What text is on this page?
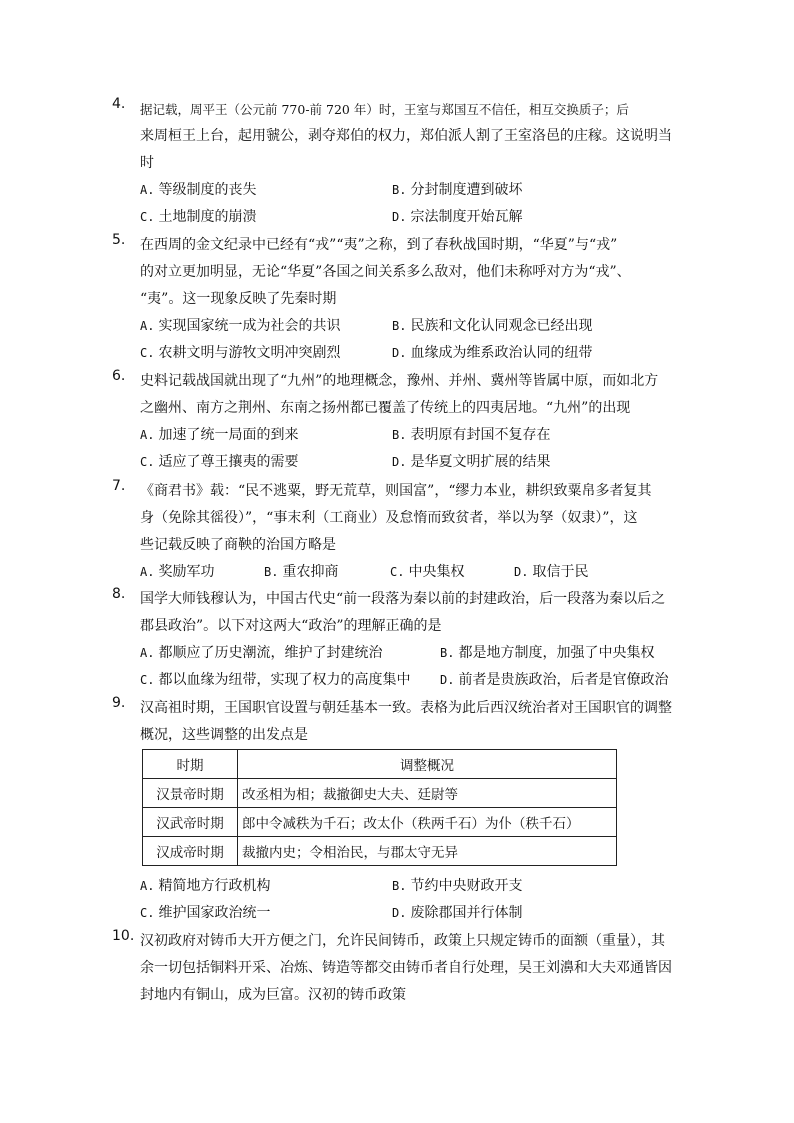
4.	据记载，周平王（公元前 770-前 720 年）时，王室与郑国互不信任，相互交换质子；后
来周桓王上台，起用虢公，剥夺郑伯的权力，郑伯派人割了王室洛邑的庄稼。这说明当
时
A. 等级制度的丧失	B. 分封制度遭到破坏
C. 土地制度的崩溃	D. 宗法制度开始瓦解
5.	在西周的金文纪录中已经有“戎”“夷”之称，到了春秋战国时期，“华夏”与“戎”
的对立更加明显，无论“华夏”各国之间关系多么敌对，他们未称呼对方为“戎”、
“夷”。这一现象反映了先秦时期
A. 实现国家统一成为社会的共识	B. 民族和文化认同观念已经出现
C. 农耕文明与游牧文明冲突剧烈	D. 血缘成为维系政治认同的纽带
6.	史料记载战国就出现了“九州”的地理概念，豫州、并州、冀州等皆属中原，而如北方
之幽州、南方之荆州、东南之扬州都已覆盖了传统上的四夷居地。“九州”的出现
A. 加速了统一局面的到来	B. 表明原有封国不复存在
C. 适应了尊王攘夷的需要	D. 是华夏文明扩展的结果
7.	《商君书》载：“民不逃粟，野无荒草，则国富”，“缪力本业，耕织致粟帛多者复其
身（免除其徭役）”，“事末利（工商业）及怠惰而致贫者，举以为孥（奴隶）”，这
些记载反映了商鞅的治国方略是
A. 奖励军功	B. 重农抑商	C. 中央集权	D. 取信于民
8.	国学大师钱穆认为，中国古代史“前一段落为秦以前的封建政治，后一段落为秦以后之
郡县政治”。以下对这两大“政治”的理解正确的是
A. 都顺应了历史潮流，维护了封建统治	B. 都是地方制度，加强了中央集权
C. 都以血缘为纽带，实现了权力的高度集中 D. 前者是贵族政治，后者是官僚政治
9.	汉高祖时期，王国职官设置与朝廷基本一致。表格为此后西汉统治者对王国职官的调整
概况，这些调整的出发点是
时期	调整概况
汉景帝时期	改丞相为相；裁撤御史大夫、廷尉等
汉武帝时期	郎中令减秩为千石；改太仆（秩两千石）为仆（秩千石）
汉成帝时期	裁撤内史；令相治民，与郡太守无异
A. 精简地方行政机构	B. 节约中央财政开支
C. 维护国家政治统一	D. 废除郡国并行体制
10. 汉初政府对铸币大开方便之门，允许民间铸币，政策上只规定铸币的面额（重量），其
余一切包括铜料开采、冶炼、铸造等都交由铸币者自行处理，吴王刘濞和大夫邓通皆因
封地内有铜山，成为巨富。汉初的铸币政策
